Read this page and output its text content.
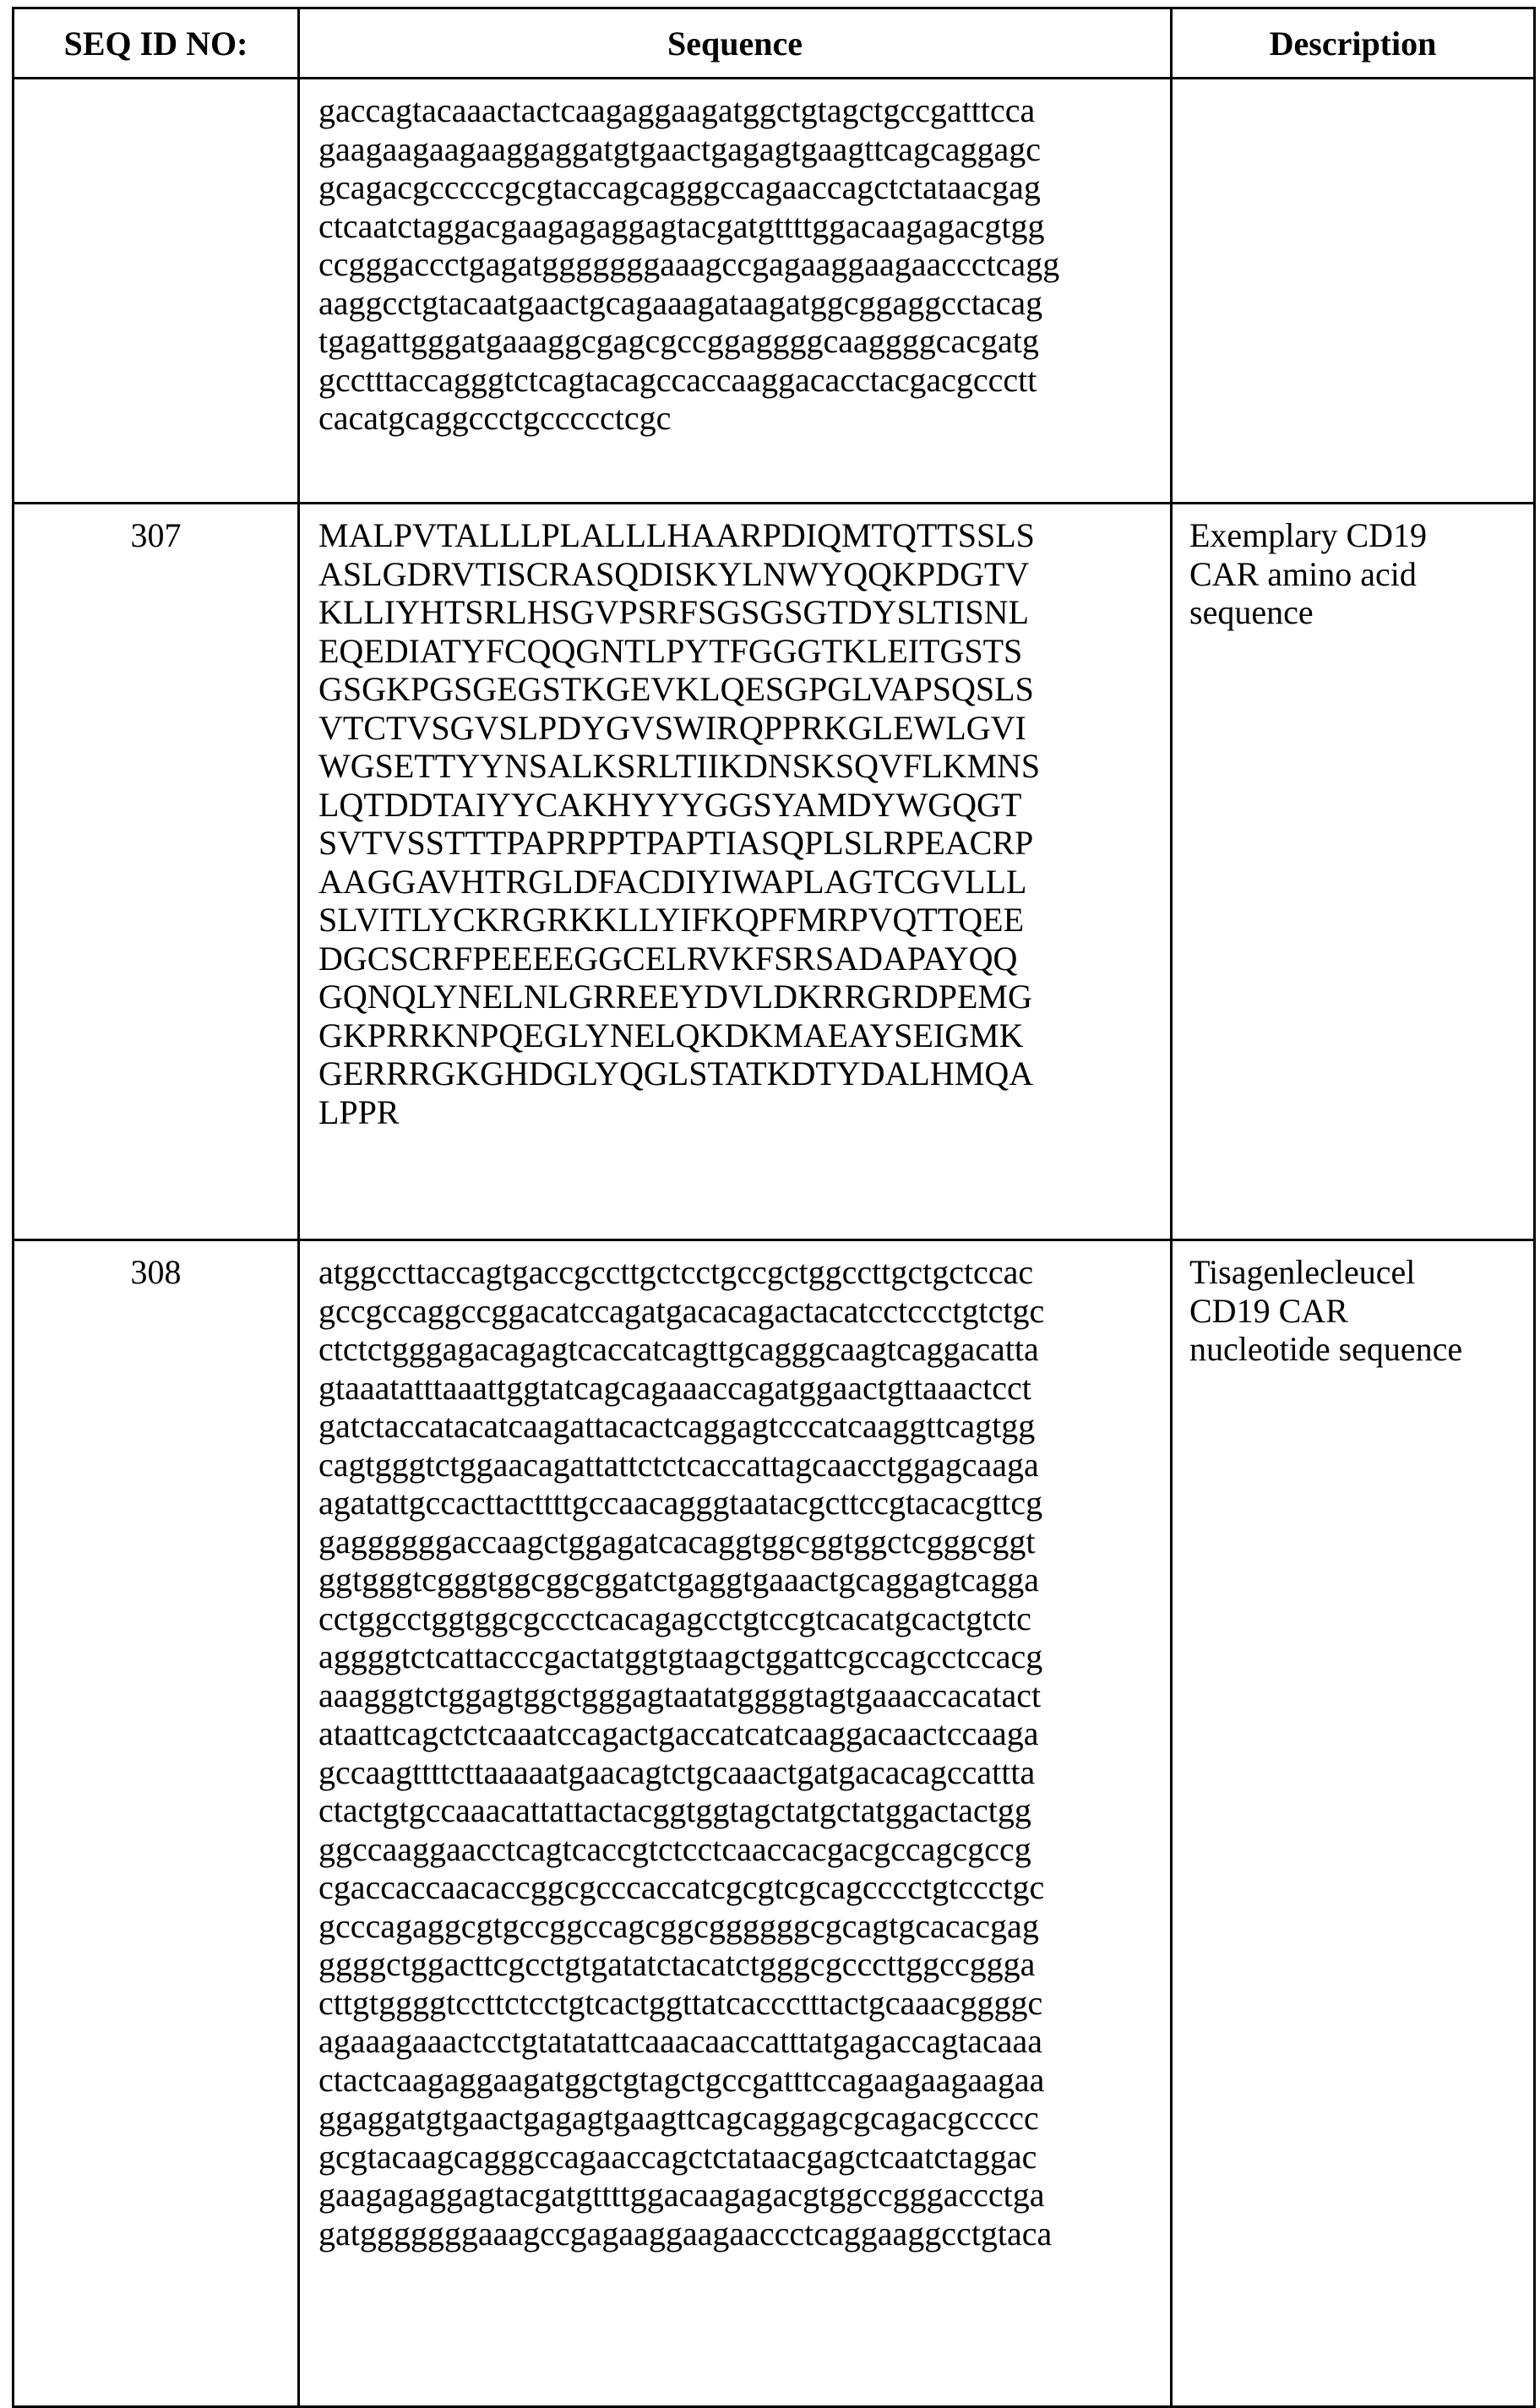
SEQ ID NO:	Sequence	Description

gaccagtacaaactactcaagaggaagatggctgtagctgccgatttcca
gaagaagaagaaggaggatgtgaactgagagtgaagttcagcaggagc
gcagacgcccccgcgtaccagcagggccagaaccagctctataacgag
ctcaatctaggacgaagagaggagtacgatgttttggacaagagacgtgg
ccgggaccctgagatgggggggaaagccgagaaggaagaaccctcagg
aaggcctgtacaatgaactgcagaaagataagatggcggaggcctacag
tgagattgggatgaaaggcgagcgccggaggggcaaggggcacgatg
gcctttaccagggtctcagtacagccaccaaggacacctacgacgccctt
cacatgcaggccctgccccctcgc

307	MALPVTALLLPLALLLHAARPDIQMTQTTSSLS
ASLGDRVTISCRASQDISKYLNWYQQKPDGTV
KLLIYHTSRLHSGVPSRFSGSGSGTDYSLTISNL
EQEDIATYFCQQGNTLPYTFGGGTKLEITGSTS
GSGKPGSGEGSTKGEVKLQESGPGLVAPSQSLS
VTCTVSGVSLPDYGVSWIRQPPRKGLEWLGVI
WGSETTYYNSALKSRLTIIKDNSKSQVFLKMNS
LQTDDTAIYYCAKHYYYGGSYAMDYWGQGT
SVTVSSTTTPAPRPPTPAPTIASQPLSLRPEACRP
AAGGAVHTRGLDFACDIYIWAPLAGTCGVLLL
SLVITLYCKRGRKKLLYIFKQPFMRPVQTTQEE
DGCSCRFPEEEEGGCELRVKFSRSADAPAYQQ
GQNQLYNELNLGRREEYDVLDKRRGRDPEMG
GKPRRKNPQEGLYNELQKDKMAEAYSEIGMK
GERRRGKGHDGLYQGLSTATKDTYDALHMQA
LPPR

Exemplary CD19
CAR amino acid
sequence

308	atggccttaccagtgaccgccttgctcctgccgctggccttgctgctccac
gccgccaggccggacatccagatgacacagactacatcctccctgtctgc
ctctctgggagacagagtcaccatcagttgcagggcaagtcaggacatta
gtaaatatttaaattggtatcagcagaaaccagatggaactgttaaactcct
gatctaccatacatcaagattacactcaggagtcccatcaaggttcagtgg
cagtgggtctggaacagattattctctcaccattagcaacctggagcaaga
agatattgccacttacttttgccaacagggtaatacgcttccgtacacgttcg
gaggggggaccaagctggagatcacaggtggcggtggctcgggcggt
ggtgggtcgggtggcggcggatctgaggtgaaactgcaggagtcagga
cctggcctggtggcgccctcacagagcctgtccgtcacatgcactgtctc
aggggtctcattacccgactatggtgtaagctggattcgccagcctccacg
aaagggtctggagtggctgggagtaatatggggtagtgaaaccacatact
ataattcagctctcaaatccagactgaccatcatcaaggacaactccaaga
gccaagttttcttaaaaatgaacagtctgcaaactgatgacacagccattta
ctactgtgccaaacattattactacggtggtagctatgctatggactactgg
ggccaaggaacctcagtcaccgtctcctcaaccacgacgccagcgccg
cgaccaccaacaccggcgcccaccatcgcgtcgcagcccctgtccctgc
gcccagaggcgtgccggccagcggcggggggcgcagtgcacacgag
ggggctggacttcgcctgtgatatctacatctgggcgcccttggccggga
cttgtggggtccttctcctgtcactggttatcaccctttactgcaaacggggc
agaaagaaactcctgtatatattcaaacaaccatttatgagaccagtacaaa
ctactcaagaggaagatggctgtagctgccgatttccagaagaagaagaa
ggaggatgtgaactgagagtgaagttcagcaggagcgcagacgccccc
gcgtacaagcagggccagaaccagctctataacgagctcaatctaggac
gaagagaggagtacgatgttttggacaagagacgtggccgggaccctga
gatgggggggaaagccgagaaggaagaaccctcaggaaggcctgtaca

Tisagenlecleucel
CD19 CAR
nucleotide sequence
